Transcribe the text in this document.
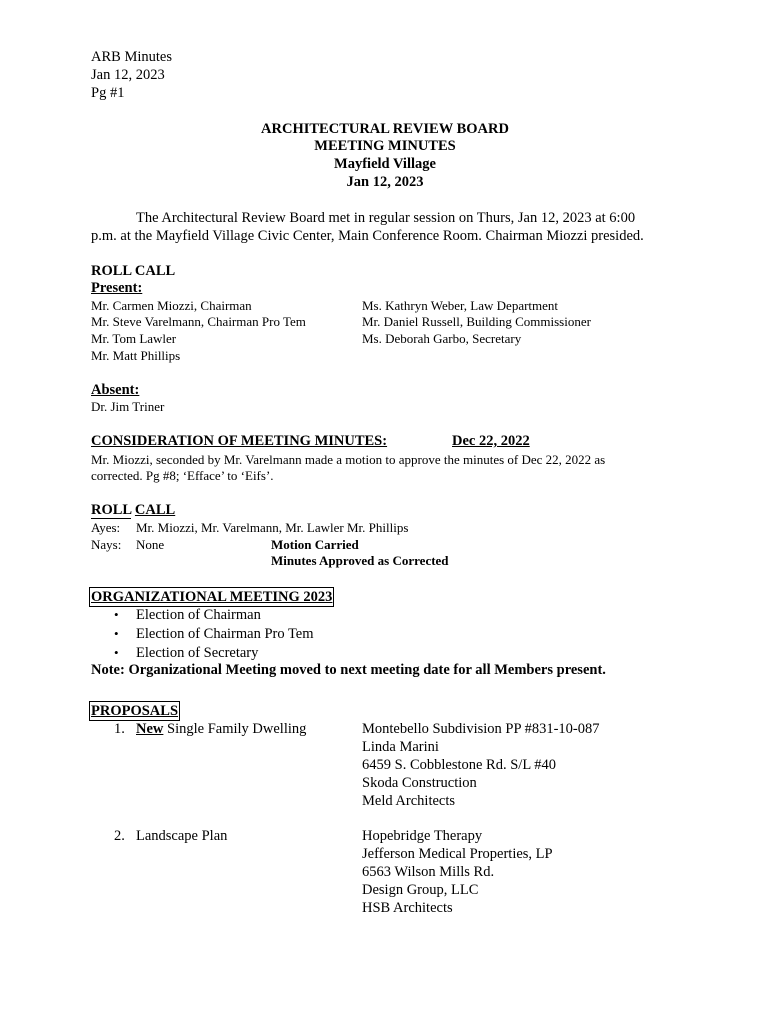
ARB Minutes
Jan 12, 2023
Pg #1
ARCHITECTURAL REVIEW BOARD
MEETING MINUTES
Mayfield Village
Jan 12, 2023
The Architectural Review Board met in regular session on Thurs, Jan 12, 2023 at 6:00
p.m. at the Mayfield Village Civic Center, Main Conference Room. Chairman Miozzi presided.
ROLL CALL
Present:
Mr. Carmen Miozzi, Chairman
Mr. Steve Varelmann, Chairman Pro Tem
Mr. Tom Lawler
Mr. Matt Phillips
Ms. Kathryn Weber, Law Department
Mr. Daniel Russell, Building Commissioner
Ms. Deborah Garbo, Secretary
Absent:
Dr. Jim Triner
CONSIDERATION OF MEETING MINUTES:	Dec 22, 2022
Mr. Miozzi, seconded by Mr. Varelmann made a motion to approve the minutes of Dec 22, 2022 as
corrected. Pg #8; ‘Efface’ to ‘Eifs’.
ROLL CALL
Ayes: Mr. Miozzi, Mr. Varelmann, Mr. Lawler Mr. Phillips
Nays: None	Motion Carried
Minutes Approved as Corrected
ORGANIZATIONAL MEETING 2023
• Election of Chairman
• Election of Chairman Pro Tem
• Election of Secretary
Note: Organizational Meeting moved to next meeting date for all Members present.
PROPOSALS
1. New Single Family Dwelling	Montebello Subdivision PP #831-10-087
Linda Marini
6459 S. Cobblestone Rd. S/L #40
Skoda Construction
Meld Architects
2. Landscape Plan	Hopebridge Therapy
Jefferson Medical Properties, LP
6563 Wilson Mills Rd.
Design Group, LLC
HSB Architects
